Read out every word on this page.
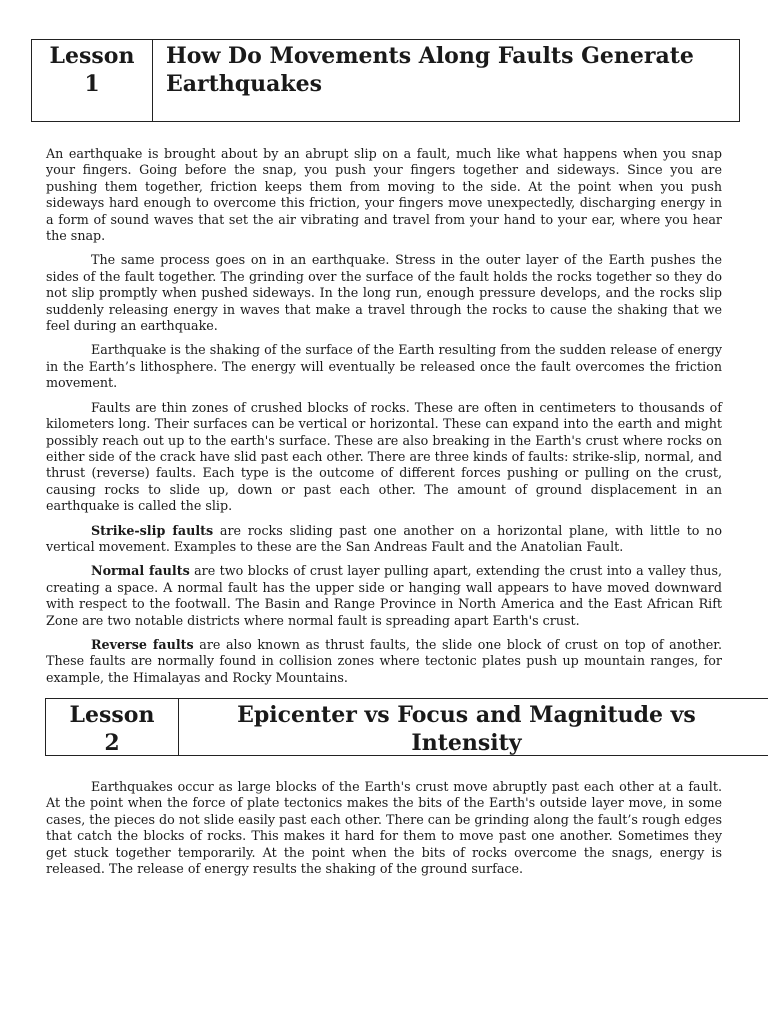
Lesson
1
How Do Movements Along Faults Generate Earthquakes

An earthquake is brought about by an abrupt slip on a fault, much like what happens when you snap your fingers. Going before the snap, you push your fingers together and sideways. Since you are pushing them together, friction keeps them from moving to the side. At the point when you push sideways hard enough to overcome this friction, your fingers move unexpectedly, discharging energy in a form of sound waves that set the air vibrating and travel from your hand to your ear, where you hear the snap.

The same process goes on in an earthquake. Stress in the outer layer of the Earth pushes the sides of the fault together. The grinding over the surface of the fault holds the rocks together so they do not slip promptly when pushed sideways. In the long run, enough pressure develops, and the rocks slip suddenly releasing energy in waves that make a travel through the rocks to cause the shaking that we feel during an earthquake.

Earthquake is the shaking of the surface of the Earth resulting from the sudden release of energy in the Earth’s lithosphere. The energy will eventually be released once the fault overcomes the friction movement.

Faults are thin zones of crushed blocks of rocks. These are often in centimeters to thousands of kilometers long. Their surfaces can be vertical or horizontal. These can expand into the earth and might possibly reach out up to the earth's surface. These are also breaking in the Earth's crust where rocks on either side of the crack have slid past each other. There are three kinds of faults: strike-slip, normal, and thrust (reverse) faults. Each type is the outcome of different forces pushing or pulling on the crust, causing rocks to slide up, down or past each other. The amount of ground displacement in an earthquake is called the slip.

Strike-slip faults are rocks sliding past one another on a horizontal plane, with little to no vertical movement. Examples to these are the San Andreas Fault and the Anatolian Fault.

Normal faults are two blocks of crust layer pulling apart, extending the crust into a valley thus, creating a space. A normal fault has the upper side or hanging wall appears to have moved downward with respect to the footwall. The Basin and Range Province in North America and the East African Rift Zone are two notable districts where normal fault is spreading apart Earth's crust.

Reverse faults are also known as thrust faults, the slide one block of crust on top of another. These faults are normally found in collision zones where tectonic plates push up mountain ranges, for example, the Himalayas and Rocky Mountains.

Lesson
2
Epicenter vs Focus and Magnitude vs Intensity

Earthquakes occur as large blocks of the Earth's crust move abruptly past each other at a fault. At the point when the force of plate tectonics makes the bits of the Earth's outside layer move, in some cases, the pieces do not slide easily past each other. There can be grinding along the fault’s rough edges that catch the blocks of rocks. This makes it hard for them to move past one another. Sometimes they get stuck together temporarily. At the point when the bits of rocks overcome the snags, energy is released. The release of energy results the shaking of the ground surface.
